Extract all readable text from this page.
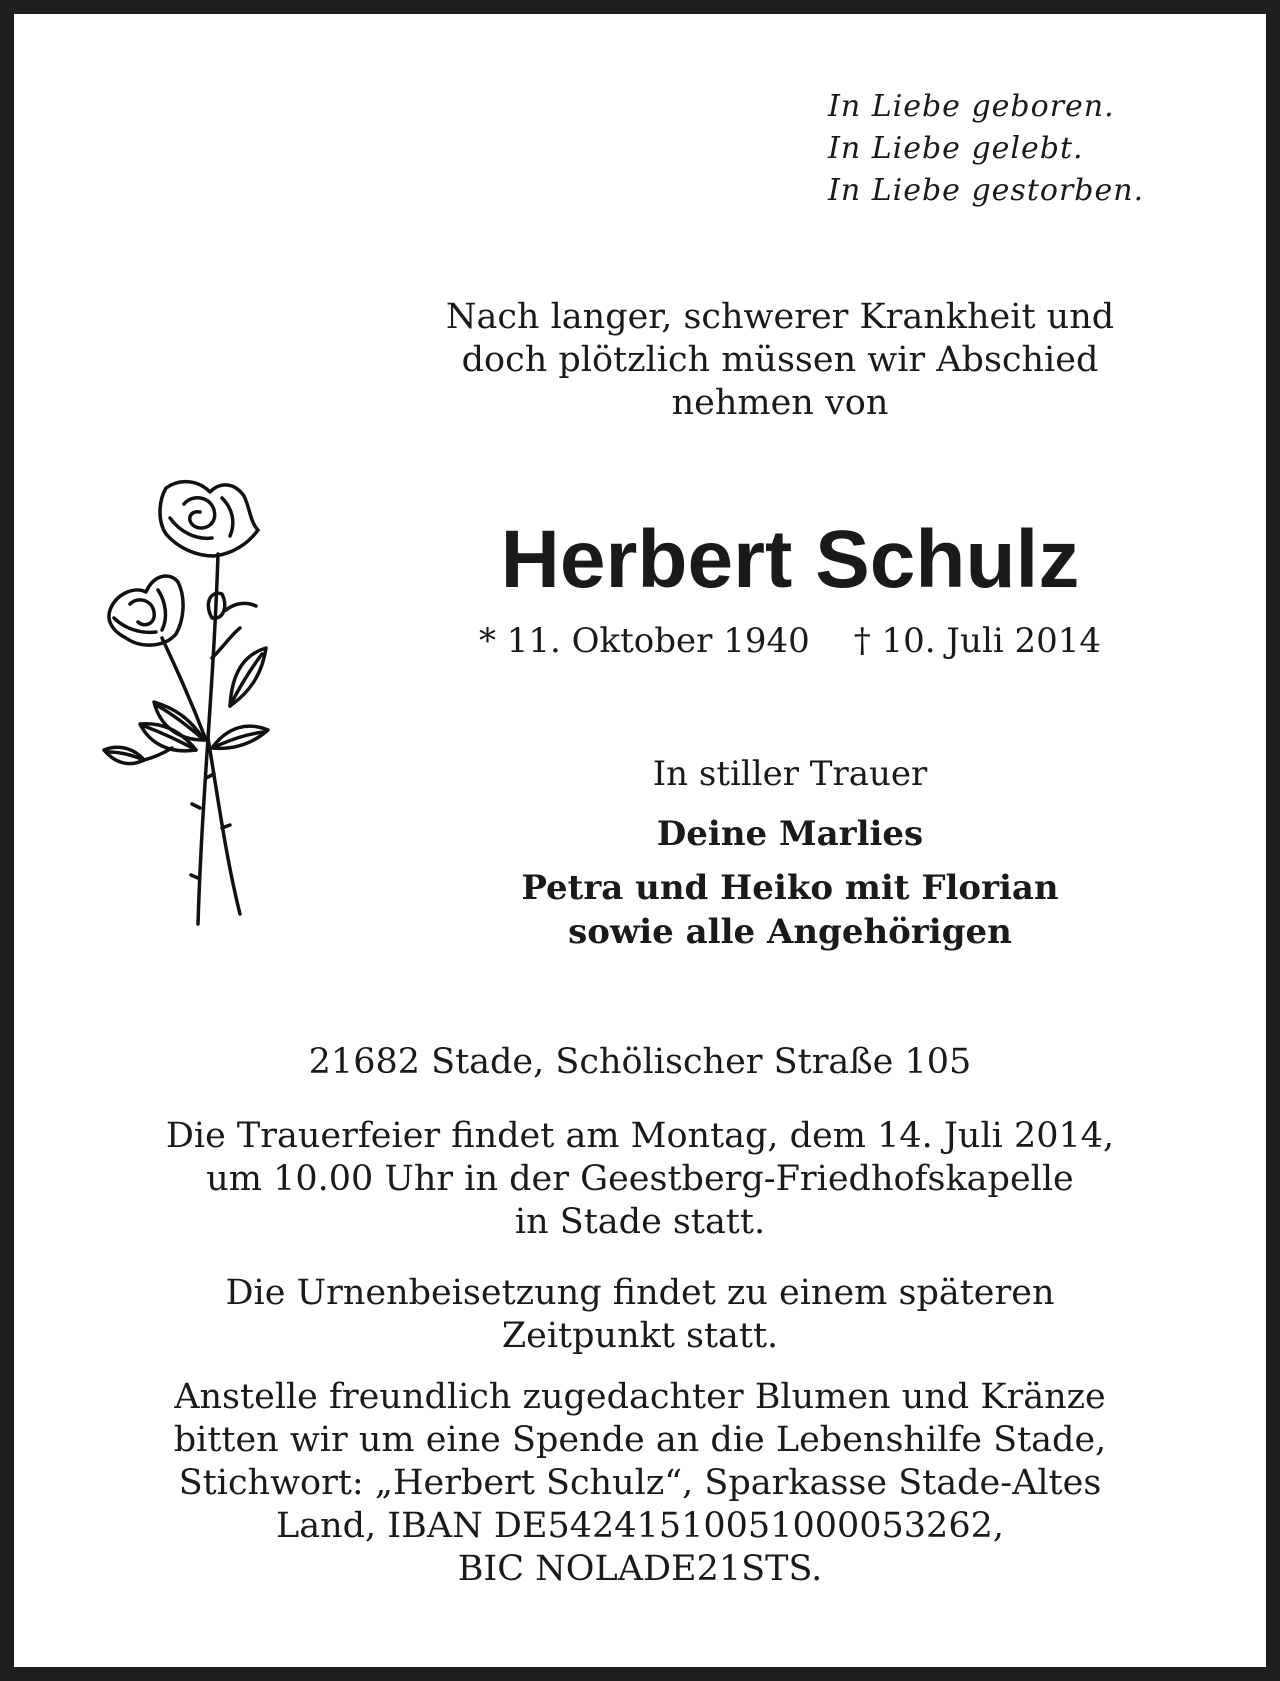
In Liebe geboren.
In Liebe gelebt.
In Liebe gestorben.
Nach langer, schwerer Krankheit und
doch plötzlich müssen wir Abschied
nehmen von
Herbert Schulz
* 11. Oktober 1940 † 10. Juli 2014
In stiller Trauer
Deine Marlies
Petra und Heiko mit Florian
sowie alle Angehörigen
21682 Stade, Schölischer Straße 105
Die Trauerfeier findet am Montag, dem 14. Juli 2014,
um 10.00 Uhr in der Geestberg-Friedhofskapelle
in Stade statt.
Die Urnenbeisetzung findet zu einem späteren
Zeitpunkt statt.
Anstelle freundlich zugedachter Blumen und Kränze
bitten wir um eine Spende an die Lebenshilfe Stade,
Stichwort: „Herbert Schulz“, Sparkasse Stade-Altes
Land, IBAN DE54241510051000053262,
BIC NOLADE21STS.
